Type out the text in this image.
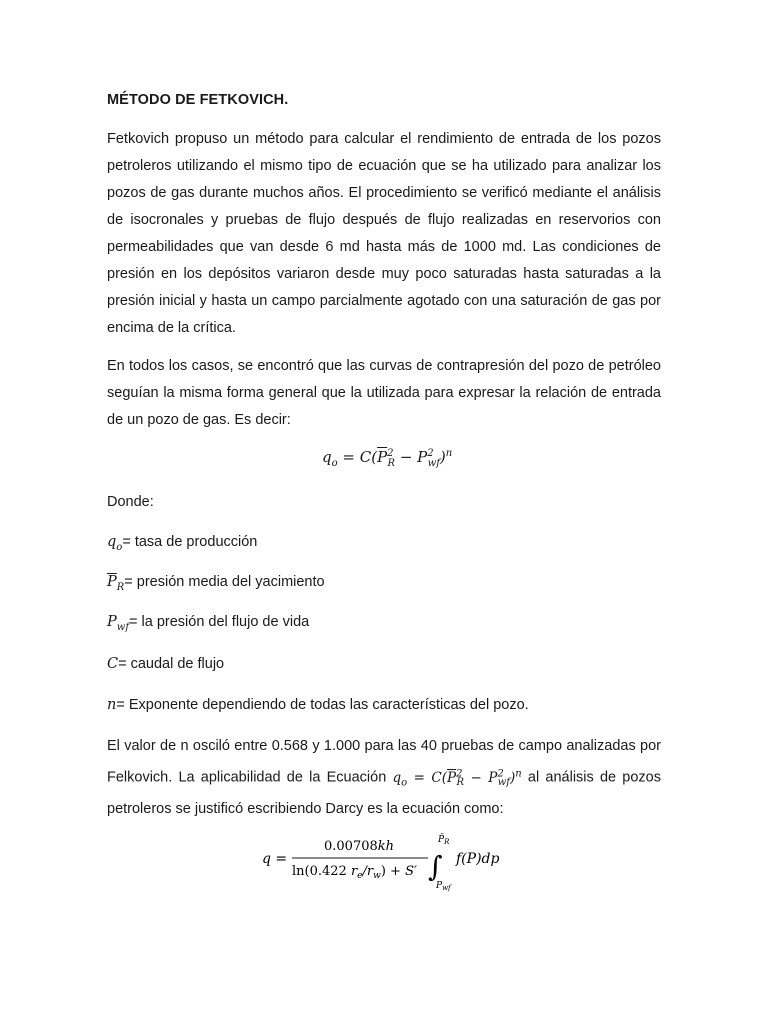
MÉTODO DE FETKOVICH.
Fetkovich propuso un método para calcular el rendimiento de entrada de los pozos petroleros utilizando el mismo tipo de ecuación que se ha utilizado para analizar los pozos de gas durante muchos años. El procedimiento se verificó mediante el análisis de isocronales y pruebas de flujo después de flujo realizadas en reservorios con permeabilidades que van desde 6 md hasta más de 1000 md. Las condiciones de presión en los depósitos variaron desde muy poco saturadas hasta saturadas a la presión inicial y hasta un campo parcialmente agotado con una saturación de gas por encima de la crítica.
En todos los casos, se encontró que las curvas de contrapresión del pozo de petróleo seguían la misma forma general que la utilizada para expresar la relación de entrada de un pozo de gas. Es decir:
$q_o = C(\overline{P}^2_R - P^2_{wf})^n$
Donde:
$q_o=$ tasa de producción
$\overline{P}_R=$ presión media del yacimiento
$P_{wf}=$ la presión del flujo de vida
C= caudal de flujo
n= Exponente dependiendo de todas las características del pozo.
El valor de n osciló entre 0.568 y 1.000 para las 40 pruebas de campo analizadas por Felkovich. La aplicabilidad de la Ecuación $q_o = C(\overline{P}^2_R - P^2_{wf})^n$ al análisis de pozos petroleros se justificó escribiendo Darcy es la ecuación como:
q =
0.00708kh
ln(0.422 $r_e/r_w) + S'$ ∫
$P̄_R$
$P_{wf}$
f(P)dp
